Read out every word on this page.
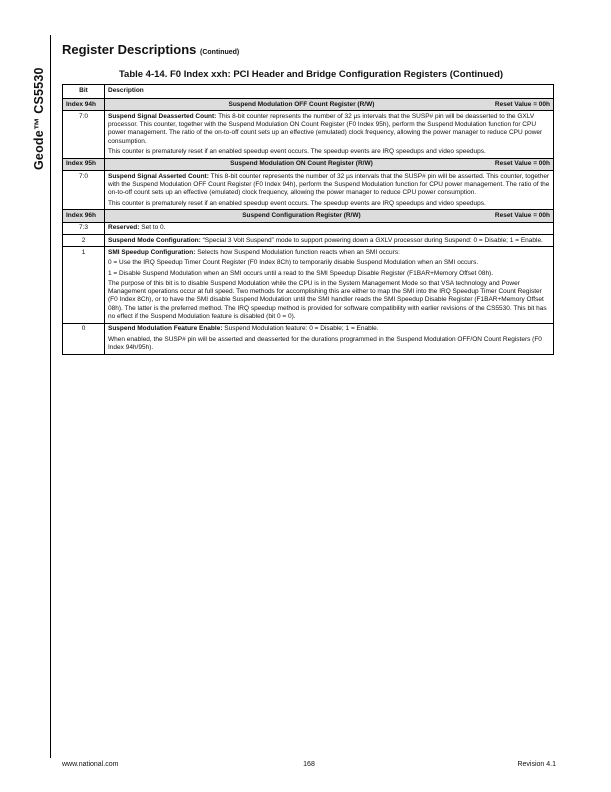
Geode™ CS5530
Register Descriptions (Continued)
Table 4-14. F0 Index xxh: PCI Header and Bridge Configuration Registers (Continued)
Bit	Description
Index 94h	Suspend Modulation OFF Count Register (R/W) Reset Value = 00h

7:0	Suspend Signal Deasserted Count: This 8-bit counter represents the number of 32 µs intervals that the SUSP# pin will be deasserted to the GXLV processor. This counter, together with the Suspend Modulation ON Count Register (F0 Index 95h), perform the Suspend Modulation function for CPU power management. The ratio of the on-to-off count sets up an effective (emulated) clock frequency, allowing the power manager to reduce CPU power consumption.
This counter is prematurely reset if an enabled speedup event occurs. The speedup events are IRQ speedups and video speedups.

Index 95h	Suspend Modulation ON Count Register (R/W) Reset Value = 00h

7:0	Suspend Signal Asserted Count: This 8-bit counter represents the number of 32 µs intervals that the SUSP# pin will be asserted. This counter, together with the Suspend Modulation OFF Count Register (F0 Index 94h), perform the Suspend Modulation function for CPU power management. The ratio of the on-to-off count sets up an effective (emulated) clock frequency, allowing the power manager to reduce CPU power consumption.
This counter is prematurely reset if an enabled speedup event occurs. The speedup events are IRQ speedups and video speedups.

Index 96h	Suspend Configuration Register (R/W) Reset Value = 00h

7:3	Reserved: Set to 0.

2	Suspend Mode Configuration: “Special 3 Volt Suspend” mode to support powering down a GXLV processor during Suspend: 0 = Disable; 1 = Enable.

1	SMI Speedup Configuration: Selects how Suspend Modulation function reacts when an SMI occurs:
0 = Use the IRQ Speedup Timer Count Register (F0 Index 8Ch) to temporarily disable Suspend Modulation when an SMI occurs.
1 = Disable Suspend Modulation when an SMI occurs until a read to the SMI Speedup Disable Register (F1BAR+Memory Offset 08h).
The purpose of this bit is to disable Suspend Modulation while the CPU is in the System Management Mode so that VSA technology and Power Management operations occur at full speed. Two methods for accomplishing this are either to map the SMI into the IRQ Speedup Timer Count Register (F0 Index 8Ch), or to have the SMI disable Suspend Modulation until the SMI handler reads the SMI Speedup Disable Register (F1BAR+Memory Offset 08h). The latter is the preferred method. The IRQ speedup method is provided for software compatibility with earlier revisions of the CS5530. This bit has no effect if the Suspend Modulation feature is disabled (bit 0 = 0).

0	Suspend Modulation Feature Enable: Suspend Modulation feature: 0 = Disable; 1 = Enable.
When enabled, the SUSP# pin will be asserted and deasserted for the durations programmed in the Suspend Modulation OFF/ON Count Registers (F0 Index 94h/95h).
www.national.com	168	Revision 4.1
